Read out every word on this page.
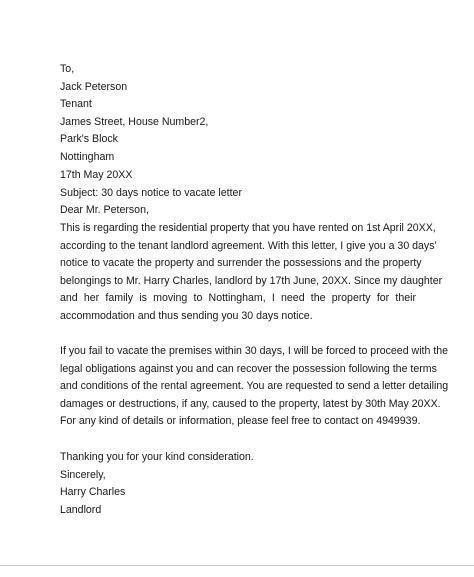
To,
Jack Peterson
Tenant
James Street, House Number2,
Park's Block
Nottingham
17th May 20XX
Subject: 30 days notice to vacate letter
Dear Mr. Peterson,
This is regarding the residential property that you have rented on 1st April 20XX,
according to the tenant landlord agreement. With this letter, I give you a 30 days'
notice to vacate the property and surrender the possessions and the property
belongings to Mr. Harry Charles, landlord by 17th June, 20XX. Since my daughter
and her family is moving to Nottingham, I need the property for their
accommodation and thus sending you 30 days notice.
If you fail to vacate the premises within 30 days, I will be forced to proceed with the
legal obligations against you and can recover the possession following the terms
and conditions of the rental agreement. You are requested to send a letter detailing
damages or destructions, if any, caused to the property, latest by 30th May 20XX.
For any kind of details or information, please feel free to contact on 4949939.
Thanking you for your kind consideration.
Sincerely,
Harry Charles
Landlord
